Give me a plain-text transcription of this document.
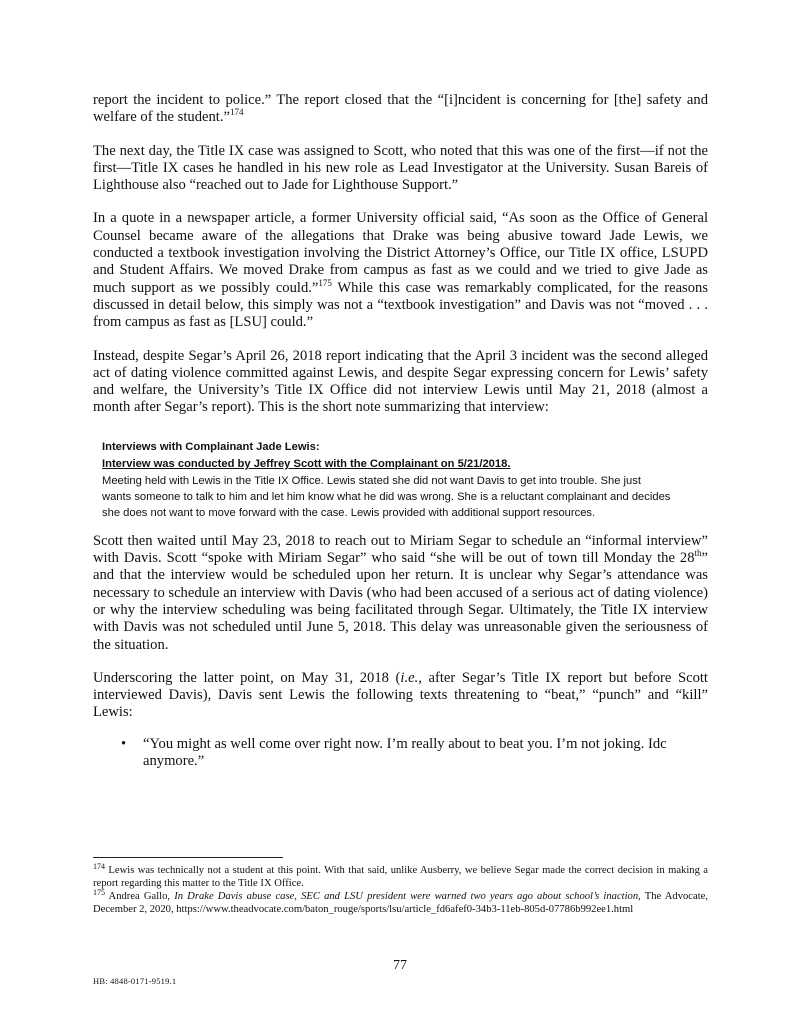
report the incident to police.” The report closed that the “[i]ncident is concerning for [the] safety and welfare of the student.”$^{174}$

The next day, the Title IX case was assigned to Scott, who noted that this was one of the first—if not the first—Title IX cases he handled in his new role as Lead Investigator at the University. Susan Bareis of Lighthouse also “reached out to Jade for Lighthouse Support.”

In a quote in a newspaper article, a former University official said, “As soon as the Office of General Counsel became aware of the allegations that Drake was being abusive toward Jade Lewis, we conducted a textbook investigation involving the District Attorney’s Office, our Title IX office, LSUPD and Student Affairs. We moved Drake from campus as fast as we could and we tried to give Jade as much support as we possibly could.”$^{175}$ While this case was remarkably complicated, for the reasons discussed in detail below, this simply was not a “textbook investigation” and Davis was not “moved . . . from campus as fast as [LSU] could.”

Instead, despite Segar’s April 26, 2018 report indicating that the April 3 incident was the second alleged act of dating violence committed against Lewis, and despite Segar expressing concern for Lewis’ safety and welfare, the University’s Title IX Office did not interview Lewis until May 21, 2018 (almost a month after Segar’s report). This is the short note summarizing that interview:

Interviews with Complainant Jade Lewis:
Interview was conducted by Jeffrey Scott with the Complainant on 5/21/2018.
Meeting held with Lewis in the Title IX Office. Lewis stated she did not want Davis to get into trouble. She just wants someone to talk to him and let him know what he did was wrong. She is a reluctant complainant and decides she does not want to move forward with the case. Lewis provided with additional support resources.

Scott then waited until May 23, 2018 to reach out to Miriam Segar to schedule an “informal interview” with Davis. Scott “spoke with Miriam Segar” who said “she will be out of town till Monday the 28th” and that the interview would be scheduled upon her return. It is unclear why Segar’s attendance was necessary to schedule an interview with Davis (who had been accused of a serious act of dating violence) or why the interview scheduling was being facilitated through Segar. Ultimately, the Title IX interview with Davis was not scheduled until June 5, 2018. This delay was unreasonable given the seriousness of the situation.

Underscoring the latter point, on May 31, 2018 (i.e., after Segar’s Title IX report but before Scott interviewed Davis), Davis sent Lewis the following texts threatening to “beat,” “punch” and “kill” Lewis:

• “You might as well come over right now. I’m really about to beat you. I’m not joking. Idc anymore.”

$^{174}$ Lewis was technically not a student at this point. With that said, unlike Ausberry, we believe Segar made the correct decision in making a report regarding this matter to the Title IX Office.

$^{175}$ Andrea Gallo, In Drake Davis abuse case, SEC and LSU president were warned two years ago about school’s inaction, The Advocate, December 2, 2020, https://www.theadvocate.com/baton_rouge/sports/lsu/article_fd6afef0-34b3-11eb-805d-07786b992ee1.html

77
HB: 4848-0171-9519.1
